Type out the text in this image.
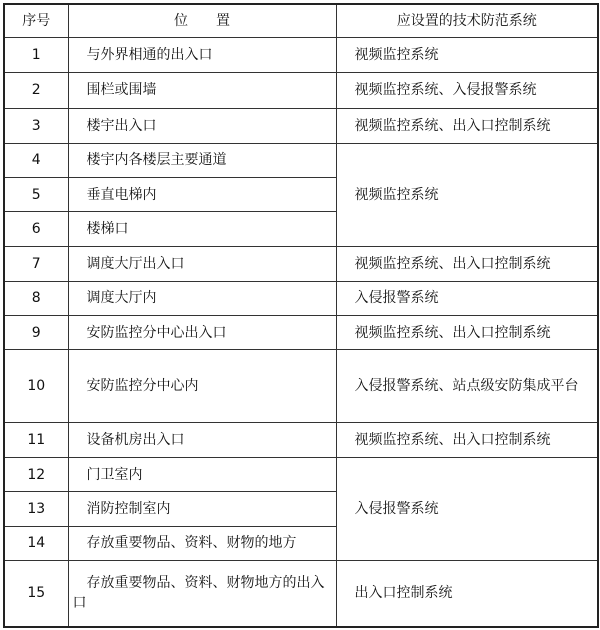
序号	位 置	应设置的技术防范系统
1	与外界相通的出入口	视频监控系统
2	围栏或围墙	视频监控系统、入侵报警系统
3	楼宇出入口	视频监控系统、出入口控制系统
4	楼宇内各楼层主要通道	视频监控系统
5	垂直电梯内	
6	楼梯口	
7	调度大厅出入口	视频监控系统、出入口控制系统
8	调度大厅内	入侵报警系统
9	安防监控分中心出入口	视频监控系统、出入口控制系统
10	安防监控分中心内	入侵报警系统、站点级安防集成平台
11	设备机房出入口	视频监控系统、出入口控制系统
12	门卫室内	入侵报警系统
13	消防控制室内	
14	存放重要物品、资料、财物的地方	
15	存放重要物品、资料、财物地方的出入口	出入口控制系统
